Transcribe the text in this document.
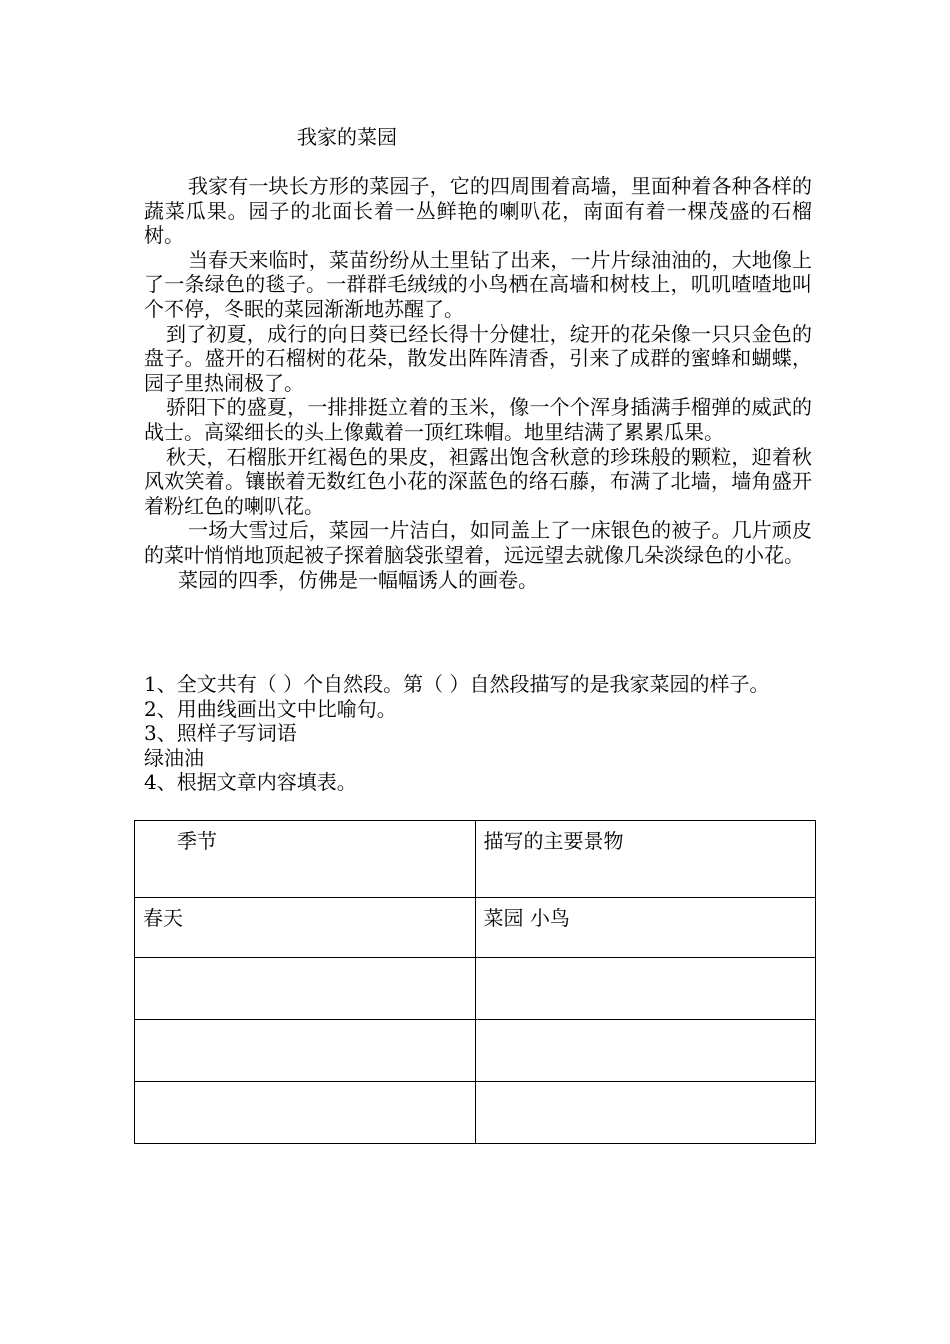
我家的菜园

我家有一块长方形的菜园子，它的四周围着高墙，里面种着各种各样的蔬菜瓜果。园子的北面长着一丛鲜艳的喇叭花，南面有着一棵茂盛的石榴树。

当春天来临时，菜苗纷纷从土里钻了出来，一片片绿油油的，大地像上了一条绿色的毯子。一群群毛绒绒的小鸟栖在高墙和树枝上，叽叽喳喳地叫个不停，冬眠的菜园渐渐地苏醒了。

到了初夏，成行的向日葵已经长得十分健壮，绽开的花朵像一只只金色的盘子。盛开的石榴树的花朵，散发出阵阵清香，引来了成群的蜜蜂和蝴蝶，园子里热闹极了。

骄阳下的盛夏，一排排挺立着的玉米，像一个个浑身插满手榴弹的威武的战士。高粱细长的头上像戴着一顶红珠帽。地里结满了累累瓜果。

秋天，石榴胀开红褐色的果皮，袒露出饱含秋意的珍珠般的颗粒，迎着秋风欢笑着。镶嵌着无数红色小花的深蓝色的络石藤，布满了北墙，墙角盛开着粉红色的喇叭花。

一场大雪过后，菜园一片洁白，如同盖上了一床银色的被子。几片顽皮的菜叶悄悄地顶起被子探着脑袋张望着，远远望去就像几朵淡绿色的小花。

菜园的四季，仿佛是一幅幅诱人的画卷。

1、全文共有（ ）个自然段。第（ ）自然段描写的是我家菜园的样子。

2、用曲线画出文中比喻句。

3、照样子写词语

绿油油

4、根据文章内容填表。

季节	描写的主要景物
春天	菜园 小鸟
